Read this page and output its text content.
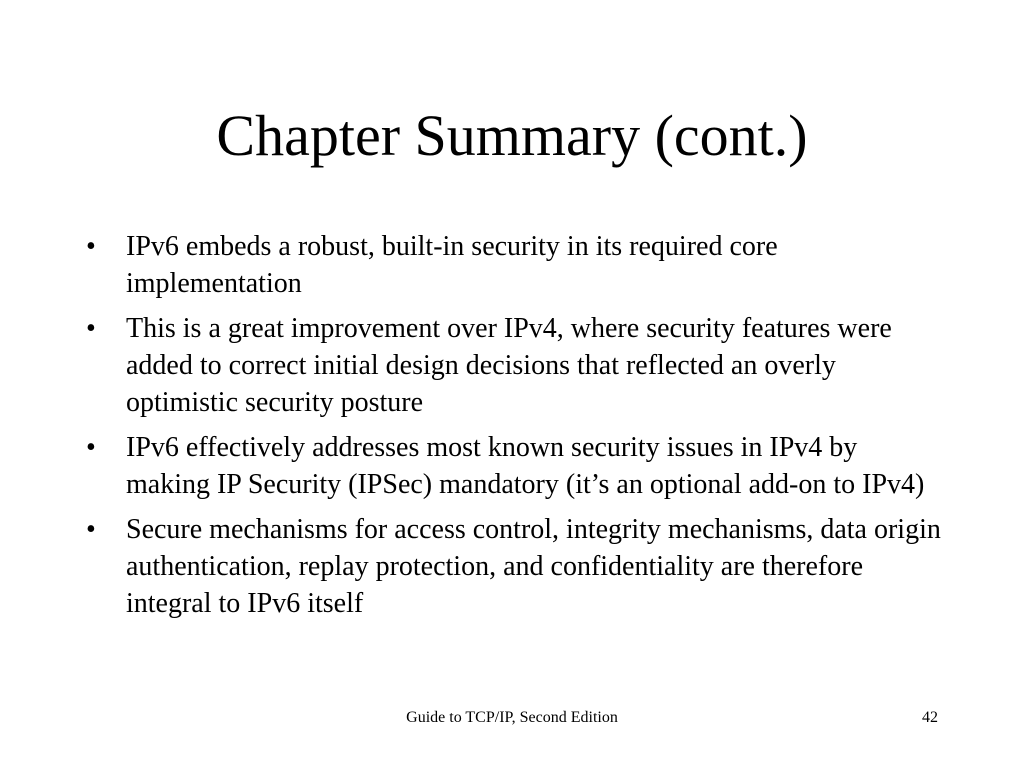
Chapter Summary (cont.)
•	IPv6 embeds a robust, built-in security in its required core implementation
•	This is a great improvement over IPv4, where security features were added to correct initial design decisions that reflected an overly optimistic security posture
•	IPv6 effectively addresses most known security issues in IPv4 by making IP Security (IPSec) mandatory (it’s an optional add-on to IPv4)
•	Secure mechanisms for access control, integrity mechanisms, data origin authentication, replay protection, and confidentiality are therefore integral to IPv6 itself
Guide to TCP/IP, Second Edition	42
